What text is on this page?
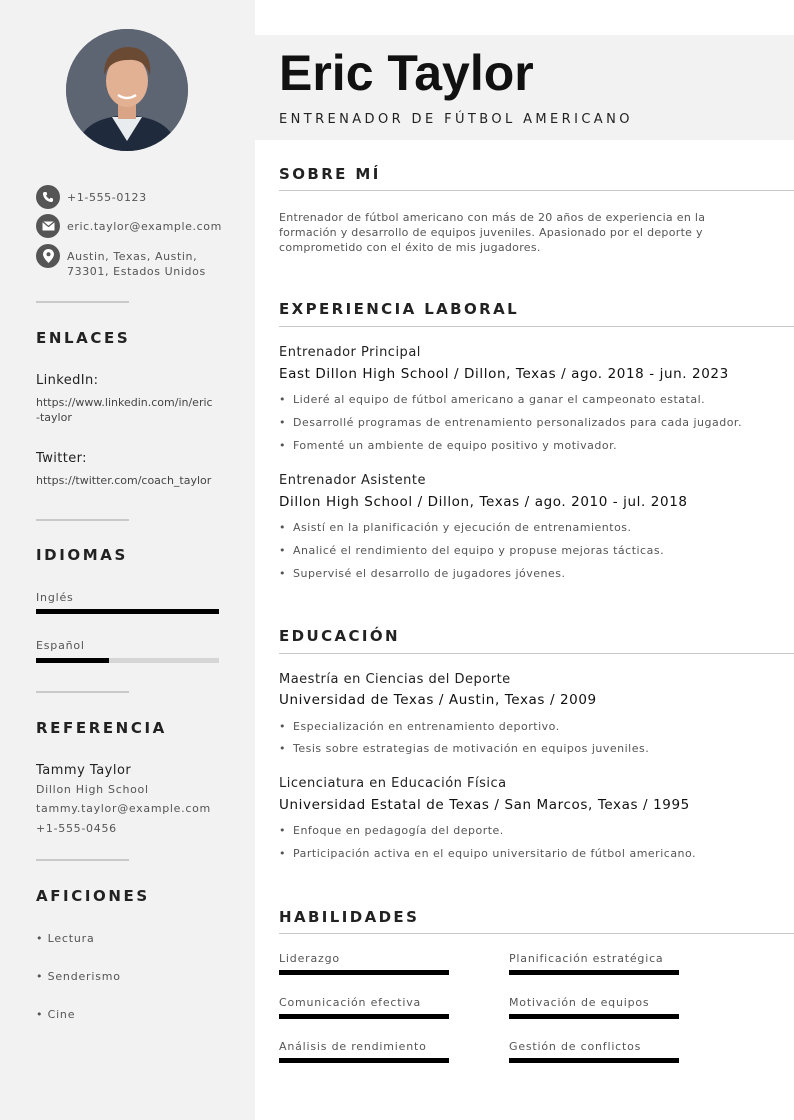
+1-555-0123
eric.taylor@example.com
Austin, Texas, Austin, 73301, Estados Unidos
ENLACES
LinkedIn:
https://www.linkedin.com/in/eric-taylor
Twitter:
https://twitter.com/coach_taylor
IDIOMAS
Inglés
Español
REFERENCIA
Tammy Taylor
Dillon High School
tammy.taylor@example.com
+1-555-0456
AFICIONES
• Lectura
• Senderismo
• Cine
Eric Taylor
ENTRENADOR DE FÚTBOL AMERICANO
SOBRE MÍ
Entrenador de fútbol americano con más de 20 años de experiencia en la formación y desarrollo de equipos juveniles. Apasionado por el deporte y comprometido con el éxito de mis jugadores.
EXPERIENCIA LABORAL
Entrenador Principal
East Dillon High School / Dillon, Texas / ago. 2018 - jun. 2023
• Lideré al equipo de fútbol americano a ganar el campeonato estatal.
• Desarrollé programas de entrenamiento personalizados para cada jugador.
• Fomenté un ambiente de equipo positivo y motivador.
Entrenador Asistente
Dillon High School / Dillon, Texas / ago. 2010 - jul. 2018
• Asistí en la planificación y ejecución de entrenamientos.
• Analicé el rendimiento del equipo y propuse mejoras tácticas.
• Supervisé el desarrollo de jugadores jóvenes.
EDUCACIÓN
Maestría en Ciencias del Deporte
Universidad de Texas / Austin, Texas / 2009
• Especialización en entrenamiento deportivo.
• Tesis sobre estrategias de motivación en equipos juveniles.
Licenciatura en Educación Física
Universidad Estatal de Texas / San Marcos, Texas / 1995
• Enfoque en pedagogía del deporte.
• Participación activa en el equipo universitario de fútbol americano.
HABILIDADES
Liderazgo	Planificación estratégica
Comunicación efectiva	Motivación de equipos
Análisis de rendimiento	Gestión de conflictos
